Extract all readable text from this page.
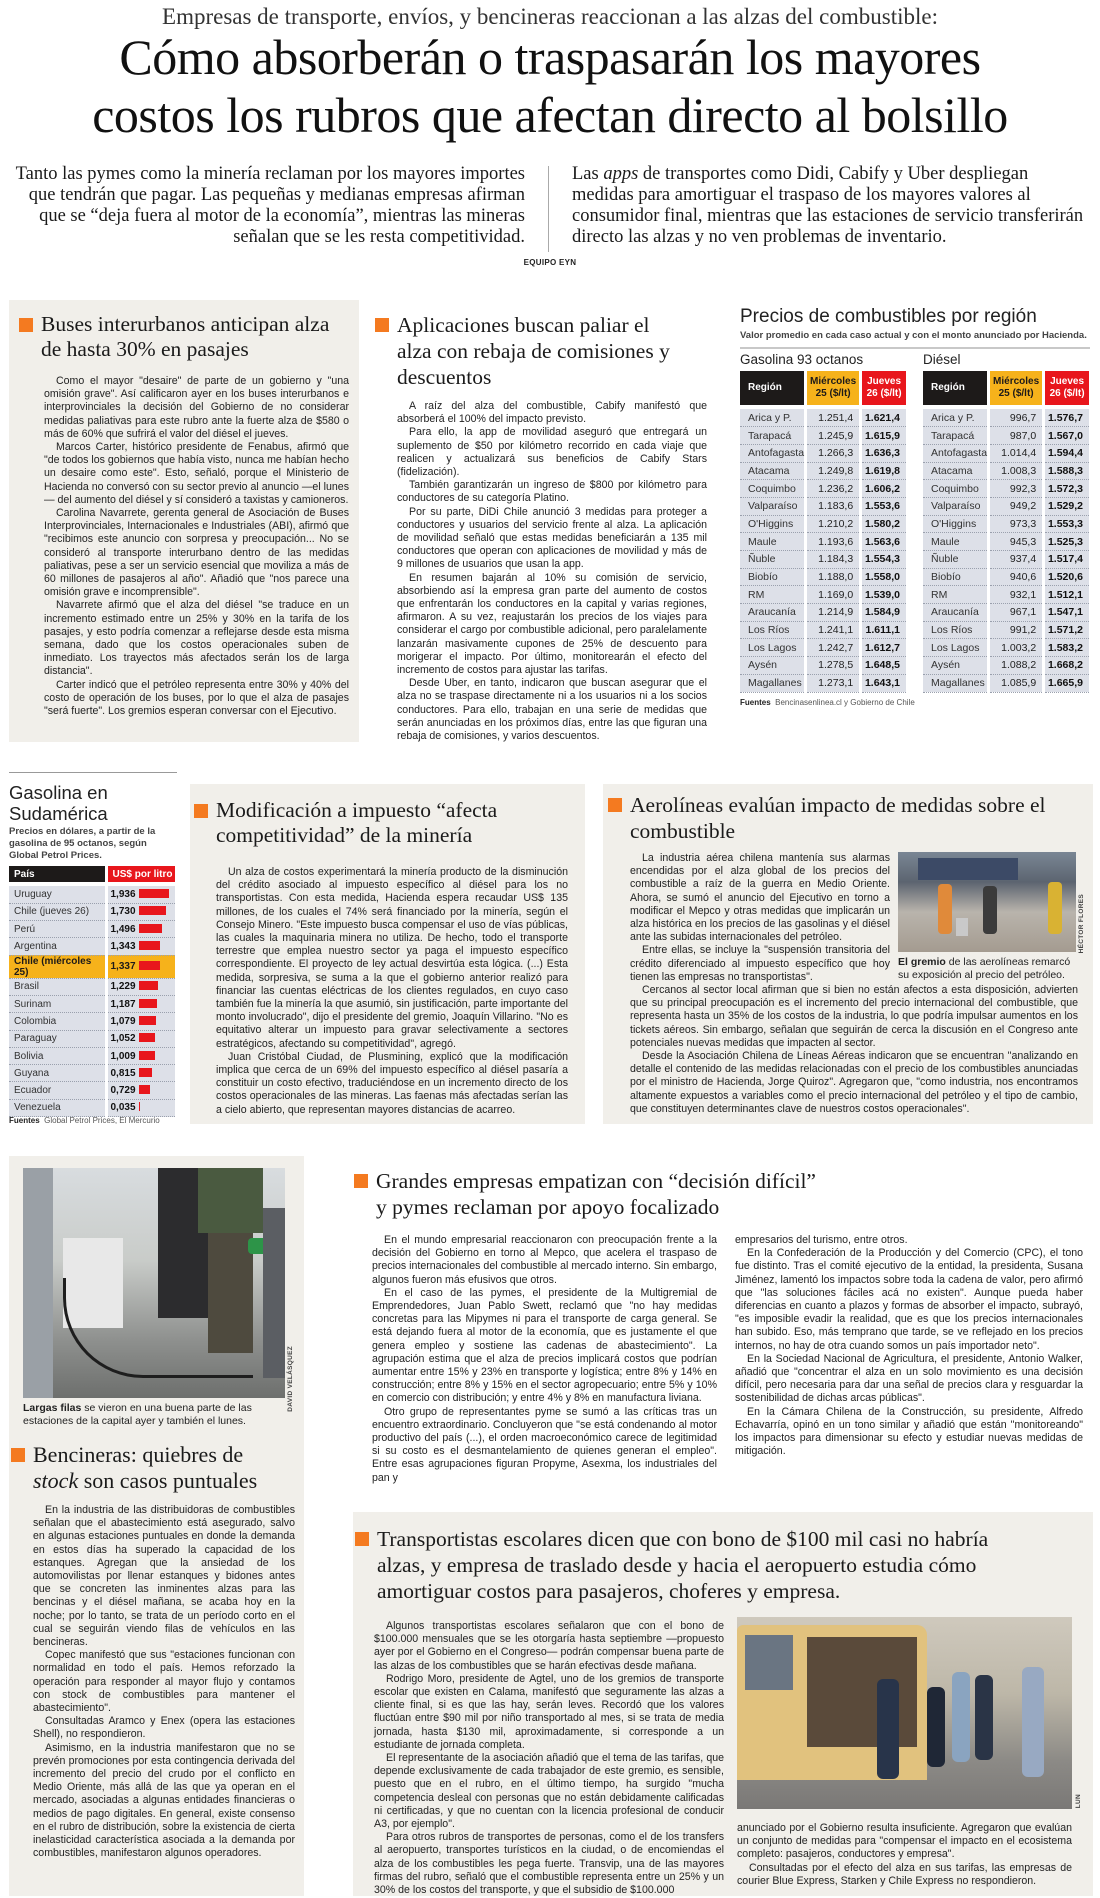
Empresas de transporte, envíos, y bencineras reaccionan a las alzas del combustible:
Cómo absorberán o traspasarán los mayores
costos los rubros que afectan directo al bolsillo
Tanto las pymes como la minería reclaman por los mayores importes que tendrán que pagar. Las pequeñas y medianas empresas afirman que se “deja fuera al motor de la economía”, mientras las mineras señalan que se les resta competitividad.
Las apps de transportes como Didi, Cabify y Uber despliegan medidas para amortiguar el traspaso de los mayores valores al consumidor final, mientras que las estaciones de servicio transferirán directo las alzas y no ven problemas de inventario.
EQUIPO EYN
Buses interurbanos anticipan alza de hasta 30% en pasajes

Como el mayor "desaire" de parte de un gobierno y "una omisión grave". Así calificaron ayer en los buses interurbanos e interprovinciales la decisión del Gobierno de no considerar medidas paliativas para este rubro ante la fuerte alza de $580 o más de 60% que sufrirá el valor del diésel el jueves.

Marcos Carter, histórico presidente de Fenabus, afirmó que "de todos los gobiernos que había visto, nunca me habían hecho un desaire como este". Esto, señaló, porque el Ministerio de Hacienda no conversó con su sector previo al anuncio —el lunes— del aumento del diésel y sí consideró a taxistas y camioneros.

Carolina Navarrete, gerenta general de Asociación de Buses Interprovinciales, Internacionales e Industriales (ABI), afirmó que "recibimos este anuncio con sorpresa y preocupación... No se consideró al transporte interurbano dentro de las medidas paliativas, pese a ser un servicio esencial que moviliza a más de 60 millones de pasajeros al año". Añadió que "nos parece una omisión grave e incomprensible".

Navarrete afirmó que el alza del diésel "se traduce en un incremento estimado entre un 25% y 30% en la tarifa de los pasajes, y esto podría comenzar a reflejarse desde esta misma semana, dado que los costos operacionales suben de inmediato. Los trayectos más afectados serán los de larga distancia".

Carter indicó que el petróleo representa entre 30% y 40% del costo de operación de los buses, por lo que el alza de pasajes "será fuerte". Los gremios esperan conversar con el Ejecutivo.

Aplicaciones buscan paliar el alza con rebaja de comisiones y descuentos

A raíz del alza del combustible, Cabify manifestó que absorberá el 100% del impacto previsto.

Para ello, la app de movilidad aseguró que entregará un suplemento de $50 por kilómetro recorrido en cada viaje que realicen y actualizará sus beneficios de Cabify Stars (fidelización).

También garantizarán un ingreso de $800 por kilómetro para conductores de su categoría Platino.

Por su parte, DiDi Chile anunció 3 medidas para proteger a conductores y usuarios del servicio frente al alza. La aplicación de movilidad señaló que estas medidas beneficiarán a 135 mil conductores que operan con aplicaciones de movilidad y más de 9 millones de usuarios que usan la app.

En resumen bajarán al 10% su comisión de servicio, absorbiendo así la empresa gran parte del aumento de costos que enfrentarán los conductores en la capital y varias regiones, afirmaron. A su vez, reajustarán los precios de los viajes para considerar el cargo por combustible adicional, pero paralelamente lanzarán masivamente cupones de 25% de descuento para morigerar el impacto. Por último, monitorearán el efecto del incremento de costos para ajustar las tarifas.

Desde Uber, en tanto, indicaron que buscan asegurar que el alza no se traspase directamente ni a los usuarios ni a los socios conductores. Para ello, trabajan en una serie de medidas que serán anunciadas en los próximos días, entre las que figuran una rebaja de comisiones, y varios descuentos.

Precios de combustibles por región
Valor promedio en cada caso actual y con el monto anunciado por Hacienda.
Gasolina 93 octanos	Diésel
Región	Miércoles 25 ($/lt)	Jueves 26 ($/lt)

Arica y P.	1.251,4	1.621,4
Tarapacá	1.245,9	1.615,9
Antofagasta	1.266,3	1.636,3
Atacama	1.249,8	1.619,8
Coquimbo	1.236,2	1.606,2
Valparaíso	1.183,6	1.553,6
O'Higgins	1.210,2	1.580,2
Maule	1.193,6	1.563,6
Ñuble	1.184,3	1.554,3
Biobío	1.188,0	1.558,0
RM	1.169,0	1.539,0
Araucanía	1.214,9	1.584,9
Los Ríos	1.241,1	1.611,1
Los Lagos	1.242,7	1.612,7
Aysén	1.278,5	1.648,5
Magallanes	1.273,1	1.643,1
Región	Miércoles 25 ($/lt)	Jueves 26 ($/lt)

Arica y P.	996,7	1.576,7
Tarapacá	987,0	1.567,0
Antofagasta	1.014,4	1.594,4
Atacama	1.008,3	1.588,3
Coquimbo	992,3	1.572,3
Valparaíso	949,2	1.529,2
O'Higgins	973,3	1.553,3
Maule	945,3	1.525,3
Ñuble	937,4	1.517,4
Biobío	940,6	1.520,6
RM	932,1	1.512,1
Araucanía	967,1	1.547,1
Los Ríos	991,2	1.571,2
Los Lagos	1.003,2	1.583,2
Aysén	1.088,2	1.668,2
Magallanes	1.085,9	1.665,9
Fuentes Bencinasenlinea.cl y Gobierno de Chile
Gasolina en
Sudamérica
Precios en dólares, a partir de la gasolina de 95 octanos, según Global Petrol Prices.
País	US$ por litro

Uruguay	1,936
Chile (jueves 26)	1,730
Perú	1,496
Argentina	1,343
Chile (miércoles 25)	1,337
Brasil	1,229
Surinam	1,187
Colombia	1,079
Paraguay	1,052
Bolivia	1,009
Guyana	0,815
Ecuador	0,729
Venezuela	0,035
Fuentes Global Petrol Prices, El Mercurio
Modificación a impuesto “afecta competitividad” de la minería

Un alza de costos experimentará la minería producto de la disminución del crédito asociado al impuesto específico al diésel para los no transportistas. Con esta medida, Hacienda espera recaudar US$ 135 millones, de los cuales el 74% será financiado por la minería, según el Consejo Minero. "Este impuesto busca compensar el uso de vías públicas, las cuales la maquinaria minera no utiliza. De hecho, todo el transporte terrestre que emplea nuestro sector ya paga el impuesto específico correspondiente. El proyecto de ley actual desvirtúa esta lógica. (...) Esta medida, sorpresiva, se suma a la que el gobierno anterior realizó para financiar las cuentas eléctricas de los clientes regulados, en cuyo caso también fue la minería la que asumió, sin justificación, parte importante del monto involucrado", dijo el presidente del gremio, Joaquín Villarino. "No es equitativo alterar un impuesto para gravar selectivamente a sectores estratégicos, afectando su competitividad", agregó.

Juan Cristóbal Ciudad, de Plusmining, explicó que la modificación implica que cerca de un 69% del impuesto específico al diésel pasaría a constituir un costo efectivo, traduciéndose en un incremento directo de los costos operacionales de las mineras. Las faenas más afectadas serían las a cielo abierto, que representan mayores distancias de acarreo.

Aerolíneas evalúan impacto de medidas sobre el combustible
HÉCTOR FLORES
El gremio de las aerolíneas remarcó su exposición al precio del petróleo.

La industria aérea chilena mantenía sus alarmas encendidas por el alza global de los precios del combustible a raíz de la guerra en Medio Oriente. Ahora, se sumó el anuncio del Ejecutivo en torno a modificar el Mepco y otras medidas que implicarán un alza histórica en los precios de las gasolinas y el diésel ante las subidas internacionales del petróleo.

Entre ellas, se incluye la "suspensión transitoria del crédito diferenciado al impuesto específico que hoy tienen las empresas no transportistas".

Cercanos al sector local afirman que si bien no están afectos a esta disposición, advierten que su principal preocupación es el incremento del precio internacional del combustible, que representa hasta un 35% de los costos de la industria, lo que podría impulsar aumentos en los tickets aéreos. Sin embargo, señalan que seguirán de cerca la discusión en el Congreso ante potenciales nuevas medidas que impacten al sector.

Desde la Asociación Chilena de Líneas Aéreas indicaron que se encuentran "analizando en detalle el contenido de las medidas relacionadas con el precio de los combustibles anunciadas por el ministro de Hacienda, Jorge Quiroz". Agregaron que, "como industria, nos encontramos altamente expuestos a variables como el precio internacional del petróleo y el tipo de cambio, que constituyen determinantes clave de nuestros costos operacionales".

DAVID VELÁSQUEZ
Largas filas se vieron en una buena parte de las estaciones de la capital ayer y también el lunes.
Bencineras: quiebres de stock son casos puntuales

En la industria de las distribuidoras de combustibles señalan que el abastecimiento está asegurado, salvo en algunas estaciones puntuales en donde la demanda en estos días ha superado la capacidad de los estanques. Agregan que la ansiedad de los automovilistas por llenar estanques y bidones antes que se concreten las inminentes alzas para las bencinas y el diésel mañana, se acaba hoy en la noche; por lo tanto, se trata de un período corto en el cual se seguirán viendo filas de vehículos en las bencineras.

Copec manifestó que sus "estaciones funcionan con normalidad en todo el país. Hemos reforzado la operación para responder al mayor flujo y contamos con stock de combustibles para mantener el abastecimiento".

Consultadas Aramco y Enex (opera las estaciones Shell), no respondieron.

Asimismo, en la industria manifestaron que no se prevén promociones por esta contingencia derivada del incremento del precio del crudo por el conflicto en Medio Oriente, más allá de las que ya operan en el mercado, asociadas a algunas entidades financieras o medios de pago digitales. En general, existe consenso en el rubro de distribución, sobre la existencia de cierta inelasticidad característica asociada a la demanda por combustibles, manifestaron algunos operadores.

Grandes empresas empatizan con “decisión difícil”
y pymes reclaman por apoyo focalizado

En el mundo empresarial reaccionaron con preocupación frente a la decisión del Gobierno en torno al Mepco, que acelera el traspaso de precios internacionales del combustible al mercado interno. Sin embargo, algunos fueron más efusivos que otros.

En el caso de las pymes, el presidente de la Multigremial de Emprendedores, Juan Pablo Swett, reclamó que "no hay medidas concretas para las Mipymes ni para el transporte de carga general. Se está dejando fuera al motor de la economía, que es justamente el que genera empleo y sostiene las cadenas de abastecimiento". La agrupación estima que el alza de precios implicará costos que podrían aumentar entre 15% y 23% en transporte y logística; entre 8% y 14% en construcción; entre 8% y 15% en el sector agropecuario; entre 5% y 10% en comercio con distribución; y entre 4% y 8% en manufactura liviana.

Otro grupo de representantes pyme se sumó a las críticas tras un encuentro extraordinario. Concluyeron que "se está condenando al motor productivo del país (...), el orden macroeconómico carece de legitimidad si su costo es el desmantelamiento de quienes generan el empleo". Entre esas agrupaciones figuran Propyme, Asexma, los industriales del pan y

empresarios del turismo, entre otros.

En la Confederación de la Producción y del Comercio (CPC), el tono fue distinto. Tras el comité ejecutivo de la entidad, la presidenta, Susana Jiménez, lamentó los impactos sobre toda la cadena de valor, pero afirmó que "las soluciones fáciles acá no existen". Aunque pueda haber diferencias en cuanto a plazos y formas de absorber el impacto, subrayó, "es imposible evadir la realidad, que es que los precios internacionales han subido. Eso, más temprano que tarde, se ve reflejado en los precios internos, no hay de otra cuando somos un país importador neto".

En la Sociedad Nacional de Agricultura, el presidente, Antonio Walker, añadió que "concentrar el alza en un solo movimiento es una decisión difícil, pero necesaria para dar una señal de precios clara y resguardar la sostenibilidad de dichas arcas públicas".

En la Cámara Chilena de la Construcción, su presidente, Alfredo Echavarría, opinó en un tono similar y añadió que están "monitoreando" los impactos para dimensionar su efecto y estudiar nuevas medidas de mitigación.

Transportistas escolares dicen que con bono de $100 mil casi no habría
alzas, y empresa de traslado desde y hacia el aeropuerto estudia cómo
amortiguar costos para pasajeros, choferes y empresa.

Algunos transportistas escolares señalaron que con el bono de $100.000 mensuales que se les otorgaría hasta septiembre —propuesto ayer por el Gobierno en el Congreso— podrán compensar buena parte de las alzas de los combustibles que se harán efectivas desde mañana.

Rodrigo Moro, presidente de Agtel, uno de los gremios de transporte escolar que existen en Calama, manifestó que seguramente las alzas a cliente final, si es que las hay, serán leves. Recordó que los valores fluctúan entre $90 mil por niño transportado al mes, si se trata de media jornada, hasta $130 mil, aproximadamente, si corresponde a un estudiante de jornada completa.

El representante de la asociación añadió que el tema de las tarifas, que depende exclusivamente de cada trabajador de este gremio, es sensible, puesto que en el rubro, en el último tiempo, ha surgido "mucha competencia desleal con personas que no están debidamente calificadas ni certificadas, y que no cuentan con la licencia profesional de conducir A3, por ejemplo".

Para otros rubros de transportes de personas, como el de los transfers al aeropuerto, transportes turísticos en la ciudad, o de encomiendas el alza de los combustibles les pega fuerte. Transvip, una de las mayores firmas del rubro, señaló que el combustible representa entre un 25% y un 30% de los costos del transporte, y que el subsidio de $100.000

LUN

anunciado por el Gobierno resulta insuficiente. Agregaron que evalúan un conjunto de medidas para "compensar el impacto en el ecosistema completo: pasajeros, conductores y empresa".

Consultadas por el efecto del alza en sus tarifas, las empresas de courier Blue Express, Starken y Chile Express no respondieron.
